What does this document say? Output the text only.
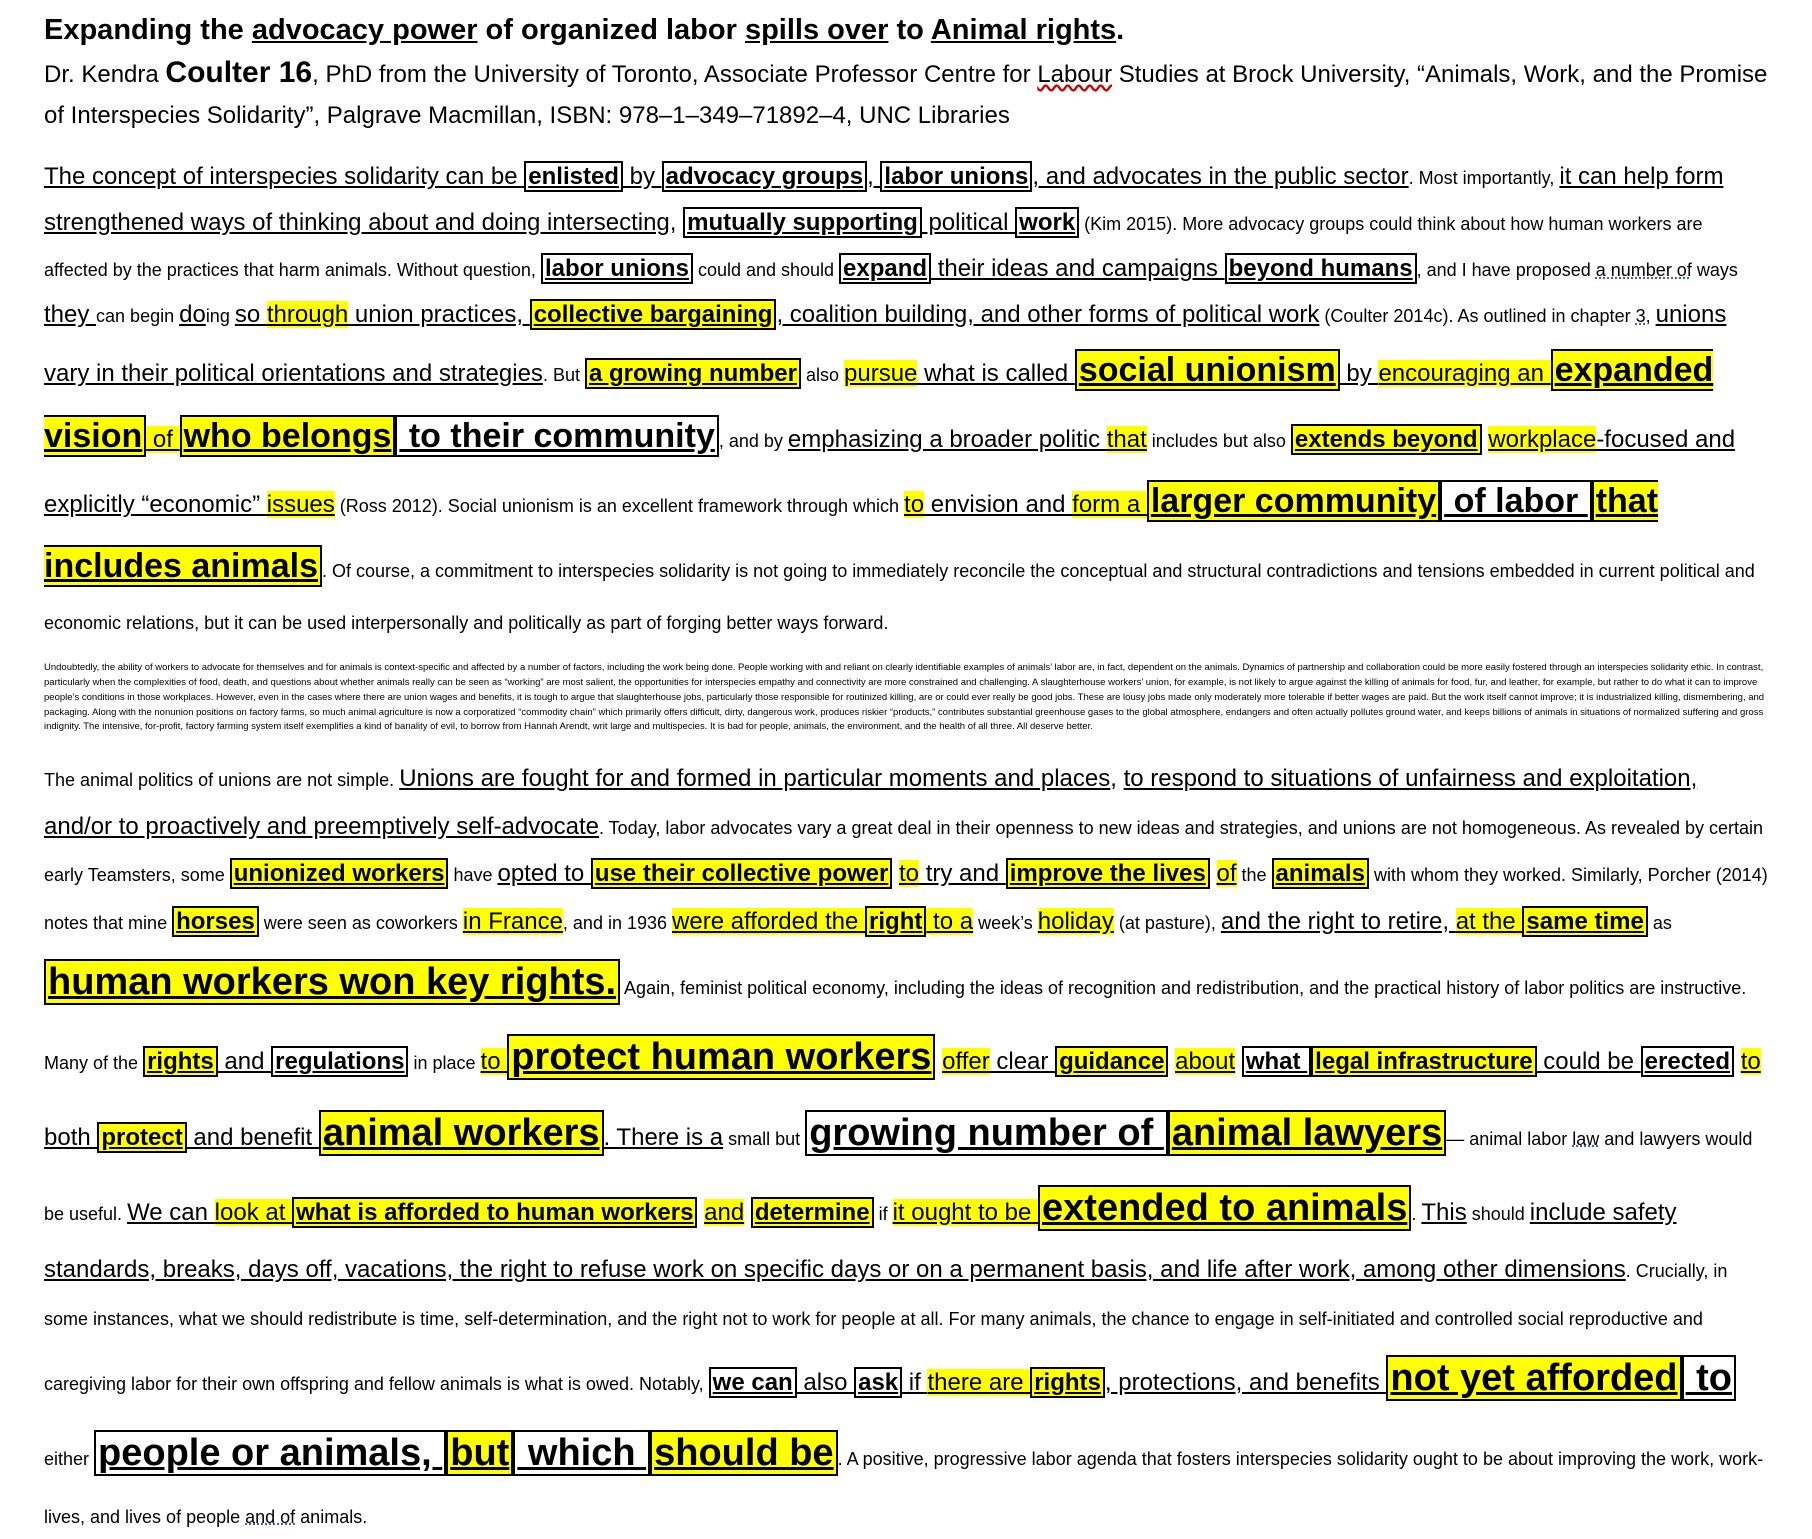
Expanding the advocacy power of organized labor spills over to Animal rights.

Dr. Kendra Coulter 16, PhD from the University of Toronto, Associate Professor Centre for Labour Studies at Brock University, “Animals, Work, and the Promise of Interspecies Solidarity”, Palgrave Macmillan, ISBN: 978–1–349–71892–4, UNC Libraries

The concept of interspecies solidarity can be enlisted by advocacy groups , labor unions , and advocates in the public sector. Most importantly, it can help form strengthened ways of thinking about and doing intersecting, mutually supporting political work (Kim 2015). More advocacy groups could think about how human workers are affected by the practices that harm animals. Without question, labor unions could and should expand their ideas and campaigns beyond humans , and I have proposed a number of ways they can begin doing so through union practices, collective bargaining , coalition building, and other forms of political work (Coulter 2014c). As outlined in chapter 3, unions vary in their political orientations and strategies. But a growing number also pursue what is called social unionism by encouraging an expanded vision of who belongs to their community , and by emphasizing a broader politic that includes but also extends beyond workplace-focused and explicitly “economic” issues (Ross 2012). Social unionism is an excellent framework through which to envision and form a larger community of labor that includes animals . Of course, a commitment to interspecies solidarity is not going to immediately reconcile the conceptual and structural contradictions and tensions embedded in current political and economic relations, but it can be used interpersonally and politically as part of forging better ways forward.

Undoubtedly, the ability of workers to advocate for themselves and for animals is context-specific and affected by a number of factors, including the work being done. People working with and reliant on clearly identifiable examples of animals’ labor are, in fact, dependent on the animals. Dynamics of partnership and collaboration could be more easily fostered through an interspecies solidarity ethic. In contrast, particularly when the complexities of food, death, and questions about whether animals really can be seen as “working” are most salient, the opportunities for interspecies empathy and connectivity are more constrained and challenging. A slaughterhouse workers’ union, for example, is not likely to argue against the killing of animals for food, fur, and leather, for example, but rather to do what it can to improve people’s conditions in those workplaces. However, even in the cases where there are union wages and benefits, it is tough to argue that slaughterhouse jobs, particularly those responsible for routinized killing, are or could ever really be good jobs. These are lousy jobs made only moderately more tolerable if better wages are paid. But the work itself cannot improve; it is industrialized killing, dismembering, and packaging. Along with the nonunion positions on factory farms, so much animal agriculture is now a corporatized “commodity chain” which primarily offers difficult, dirty, dangerous work, produces riskier “products,” contributes substantial greenhouse gases to the global atmosphere, endangers and often actually pollutes ground water, and keeps billions of animals in situations of normalized suffering and gross indignity. The intensive, for-profit, factory farming system itself exemplifies a kind of banality of evil, to borrow from Hannah Arendt, writ large and multispecies. It is bad for people, animals, the environment, and the health of all three. All deserve better.

The animal politics of unions are not simple. Unions are fought for and formed in particular moments and places, to respond to situations of unfairness and exploitation, and/or to proactively and preemptively self-advocate. Today, labor advocates vary a great deal in their openness to new ideas and strategies, and unions are not homogeneous. As revealed by certain early Teamsters, some unionized workers have opted to use their collective power to try and improve the lives of the animals with whom they worked. Similarly, Porcher (2014) notes that mine horses were seen as coworkers in France, and in 1936 were afforded the right to a week’s holiday (at pasture), and the right to retire, at the same time as human workers won key rights. Again, feminist political economy, including the ideas of recognition and redistribution, and the practical history of labor politics are instructive. Many of the rights and regulations in place to protect human workers offer clear guidance about what legal infrastructure could be erected to both protect and benefit animal workers . There is a small but growing number of animal lawyers — animal labor law and lawyers would be useful. We can look at what is afforded to human workers and determine if it ought to be extended to animals . This should include safety standards, breaks, days off, vacations, the right to refuse work on specific days or on a permanent basis, and life after work, among other dimensions. Crucially, in some instances, what we should redistribute is time, self-determination, and the right not to work for people at all. For many animals, the chance to engage in self-initiated and controlled social reproductive and caregiving labor for their own offspring and fellow animals is what is owed. Notably, we can also ask if there are rights , protections, and benefits not yet afforded to either people or animals, but which should be . A positive, progressive labor agenda that fosters interspecies solidarity ought to be about improving the work, work-lives, and lives of people and of animals.
